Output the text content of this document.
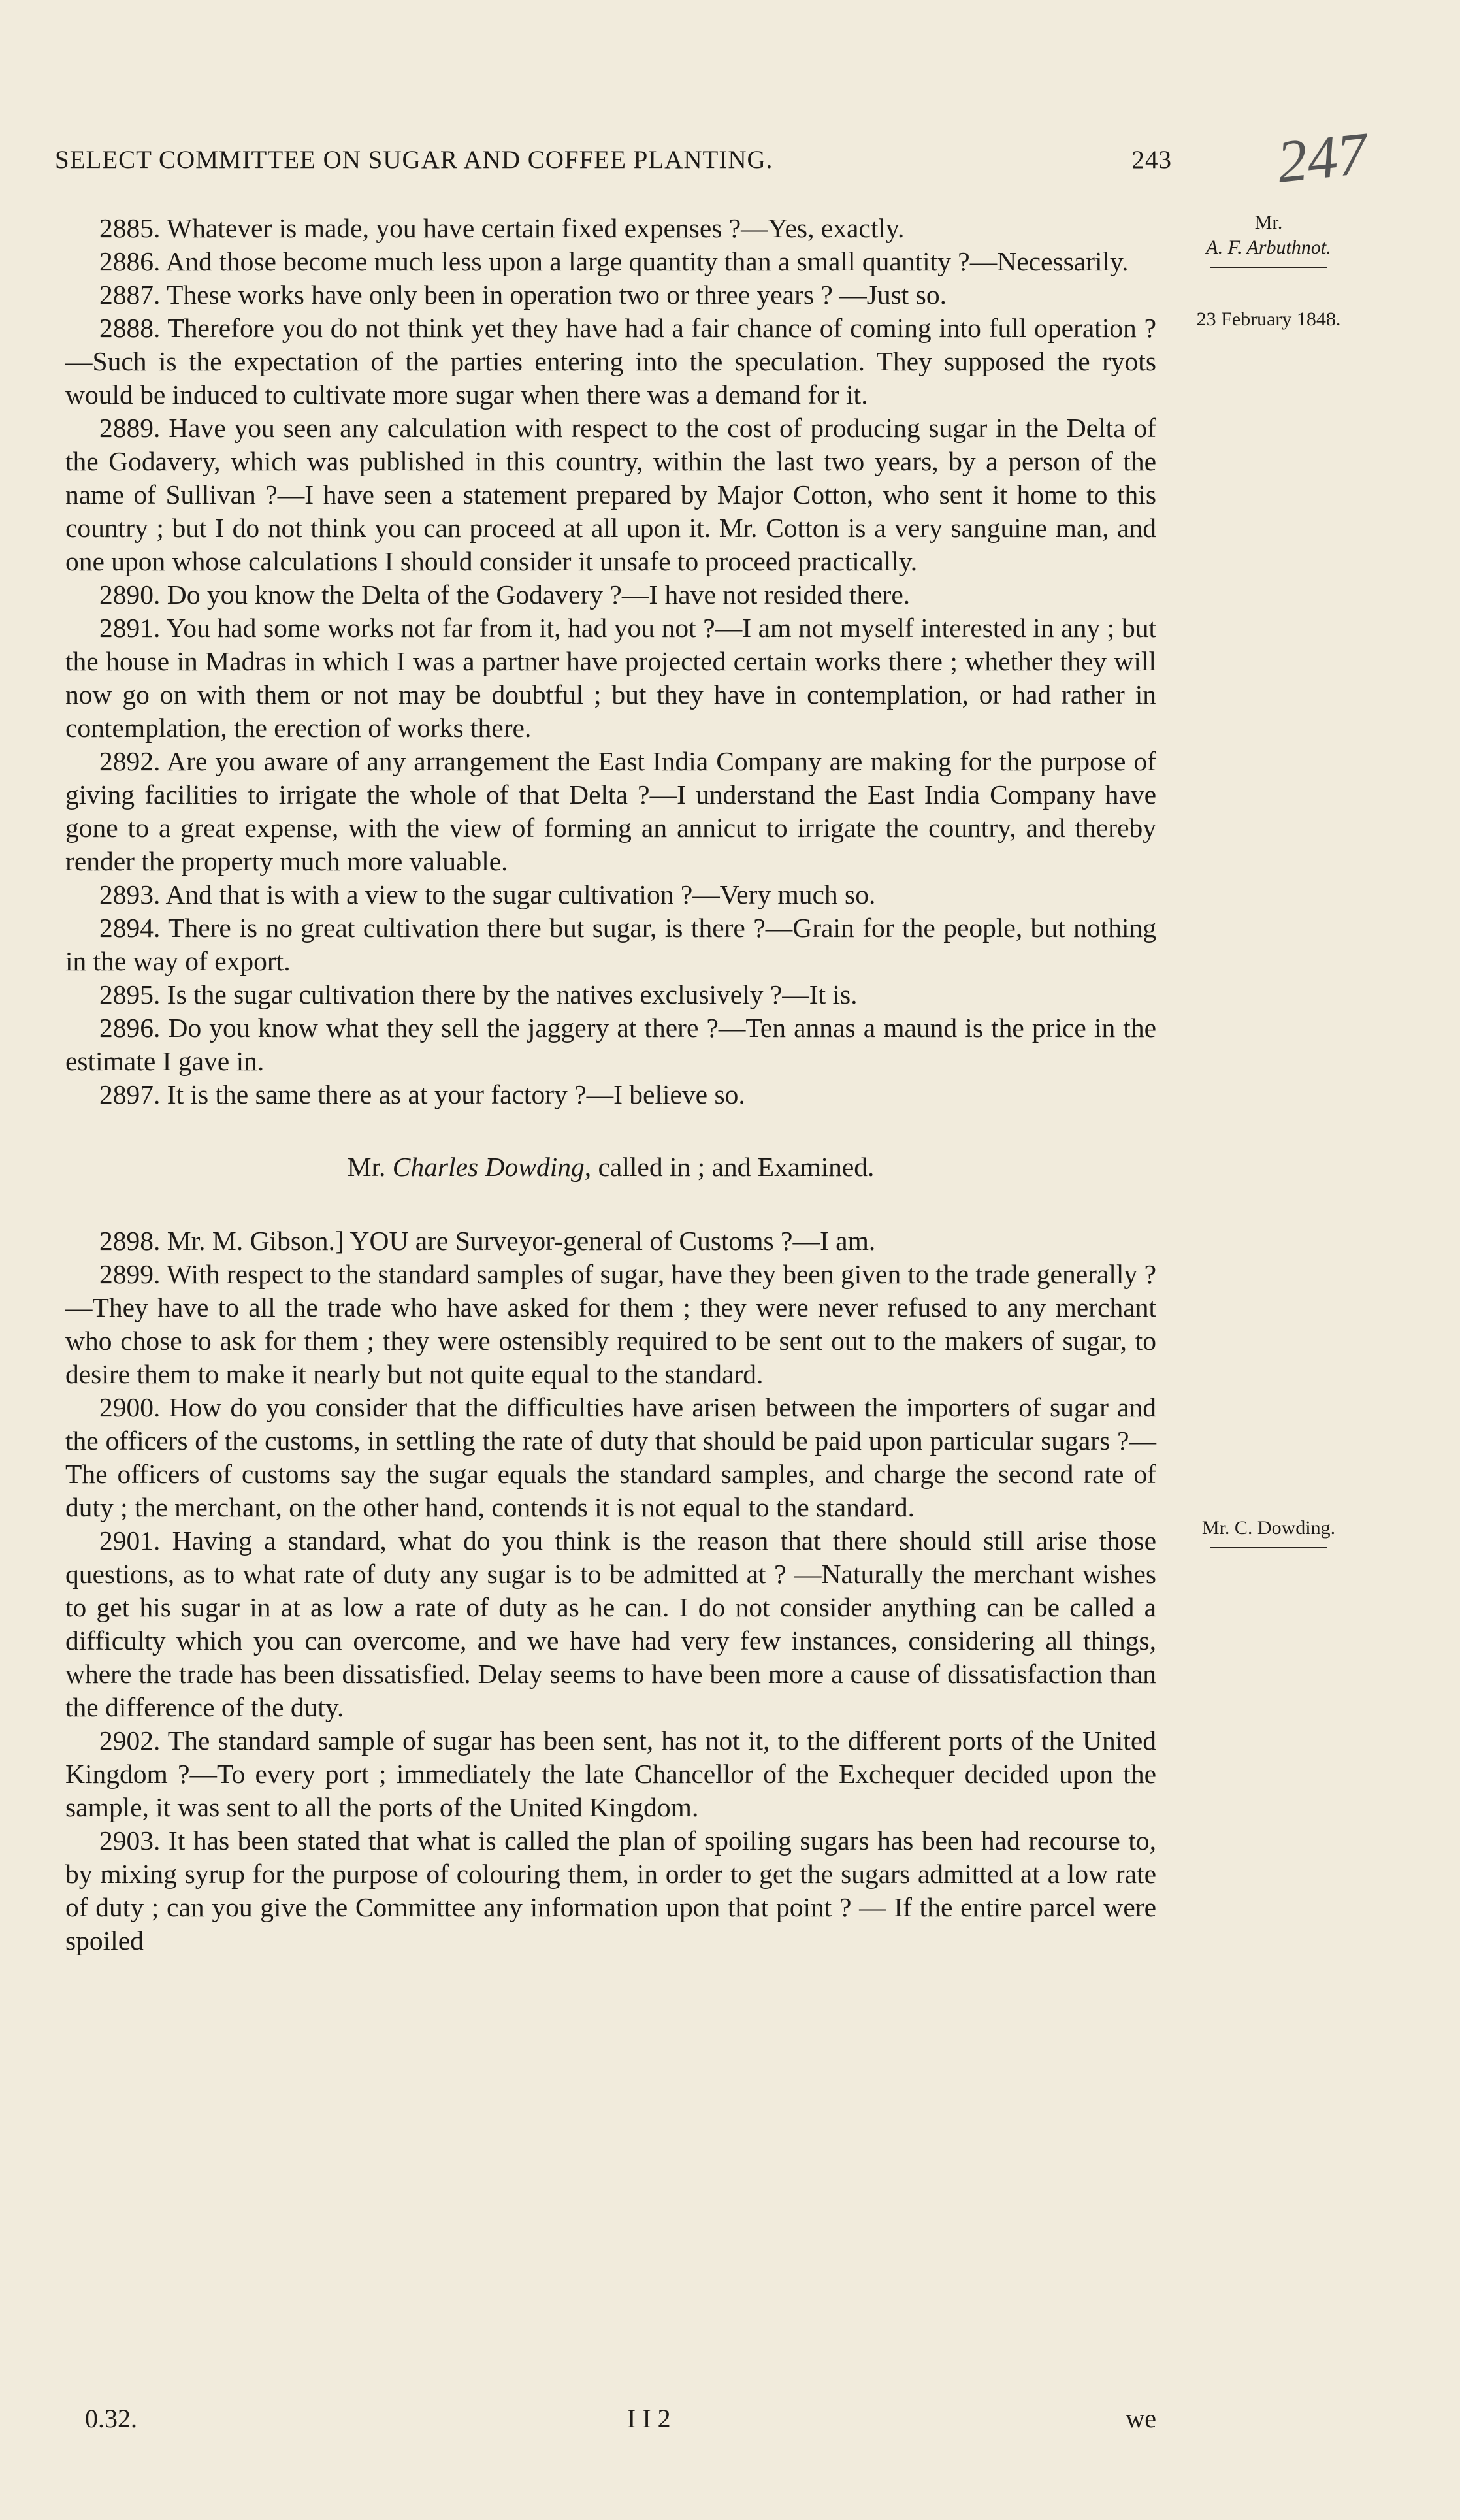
SELECT COMMITTEE ON SUGAR AND COFFEE PLANTING.	243 247
Mr.
A. F. Arbuthnot.
23 February 1848.
Mr. C. Dowding.

2885. Whatever is made, you have certain fixed expenses ?—Yes, exactly.

2886. And those become much less upon a large quantity than a small quantity ?—Necessarily.

2887. These works have only been in operation two or three years ? —Just so.

2888. Therefore you do not think yet they have had a fair chance of coming into full operation ?—Such is the expectation of the parties entering into the speculation. They supposed the ryots would be induced to cultivate more sugar when there was a demand for it.

2889. Have you seen any calculation with respect to the cost of producing sugar in the Delta of the Godavery, which was published in this country, within the last two years, by a person of the name of Sullivan ?—I have seen a statement prepared by Major Cotton, who sent it home to this country ; but I do not think you can proceed at all upon it. Mr. Cotton is a very sanguine man, and one upon whose calculations I should consider it unsafe to proceed practically.

2890. Do you know the Delta of the Godavery ?—I have not resided there.

2891. You had some works not far from it, had you not ?—I am not myself interested in any ; but the house in Madras in which I was a partner have projected certain works there ; whether they will now go on with them or not may be doubtful ; but they have in contemplation, or had rather in contemplation, the erection of works there.

2892. Are you aware of any arrangement the East India Company are making for the purpose of giving facilities to irrigate the whole of that Delta ?—I understand the East India Company have gone to a great expense, with the view of forming an annicut to irrigate the country, and thereby render the property much more valuable.

2893. And that is with a view to the sugar cultivation ?—Very much so.

2894. There is no great cultivation there but sugar, is there ?—Grain for the people, but nothing in the way of export.

2895. Is the sugar cultivation there by the natives exclusively ?—It is.

2896. Do you know what they sell the jaggery at there ?—Ten annas a maund is the price in the estimate I gave in.

2897. It is the same there as at your factory ?—I believe so.

Mr. Charles Dowding, called in ; and Examined.

2898. Mr. M. Gibson.] YOU are Surveyor-general of Customs ?—I am.

2899. With respect to the standard samples of sugar, have they been given to the trade generally ?—They have to all the trade who have asked for them ; they were never refused to any merchant who chose to ask for them ; they were ostensibly required to be sent out to the makers of sugar, to desire them to make it nearly but not quite equal to the standard.

2900. How do you consider that the difficulties have arisen between the importers of sugar and the officers of the customs, in settling the rate of duty that should be paid upon particular sugars ?—The officers of customs say the sugar equals the standard samples, and charge the second rate of duty ; the merchant, on the other hand, contends it is not equal to the standard.

2901. Having a standard, what do you think is the reason that there should still arise those questions, as to what rate of duty any sugar is to be admitted at ? —Naturally the merchant wishes to get his sugar in at as low a rate of duty as he can. I do not consider anything can be called a difficulty which you can overcome, and we have had very few instances, considering all things, where the trade has been dissatisfied. Delay seems to have been more a cause of dissatisfaction than the difference of the duty.

2902. The standard sample of sugar has been sent, has not it, to the different ports of the United Kingdom ?—To every port ; immediately the late Chancellor of the Exchequer decided upon the sample, it was sent to all the ports of the United Kingdom.

2903. It has been stated that what is called the plan of spoiling sugars has been had recourse to, by mixing syrup for the purpose of colouring them, in order to get the sugars admitted at a low rate of duty ; can you give the Committee any information upon that point ? — If the entire parcel were spoiled

0.32.	I I 2	we
